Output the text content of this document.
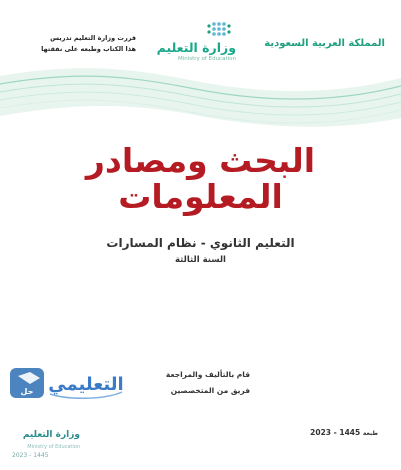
المملكة العربية السعودية
وزارة التعليم
Ministry of Education
قررت وزارة التعليم تدريس
هذا الكتاب وطبعه على نفقتها
البحث ومصادر
المعلومات
التعليم الثانوي - نظام المسارات
السنة الثالثة
قام بالتأليف والمراجعة
فريق من المتخصصين
حل التعليمي
طبعة 1445 - 2023
وزارة التعليم
Ministry of Education
2023 - 1445
